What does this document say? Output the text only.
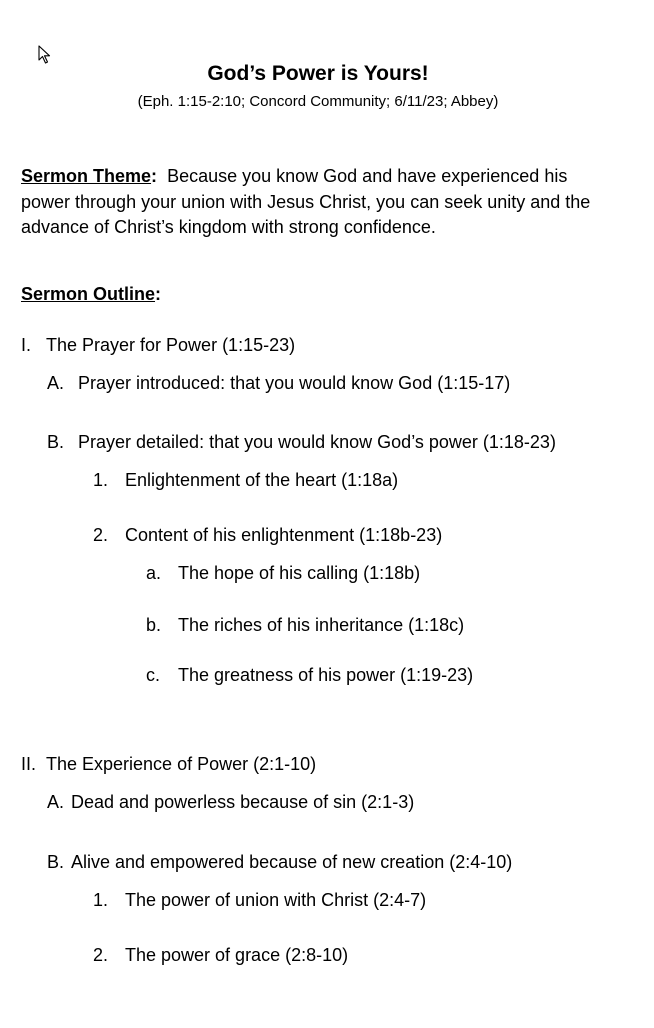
God’s Power is Yours!
(Eph. 1:15-2:10; Concord Community; 6/11/23; Abbey)
Sermon Theme: Because you know God and have experienced his power through your union with Jesus Christ, you can seek unity and the advance of Christ’s kingdom with strong confidence.
Sermon Outline:
I. The Prayer for Power (1:15-23)
A. Prayer introduced: that you would know God (1:15-17)
B. Prayer detailed: that you would know God’s power (1:18-23)
1. Enlightenment of the heart (1:18a)
2. Content of his enlightenment (1:18b-23)
a. The hope of his calling (1:18b)
b. The riches of his inheritance (1:18c)
c. The greatness of his power (1:19-23)
II. The Experience of Power (2:1-10)
A. Dead and powerless because of sin (2:1-3)
B. Alive and empowered because of new creation (2:4-10)
1. The power of union with Christ (2:4-7)
2. The power of grace (2:8-10)
